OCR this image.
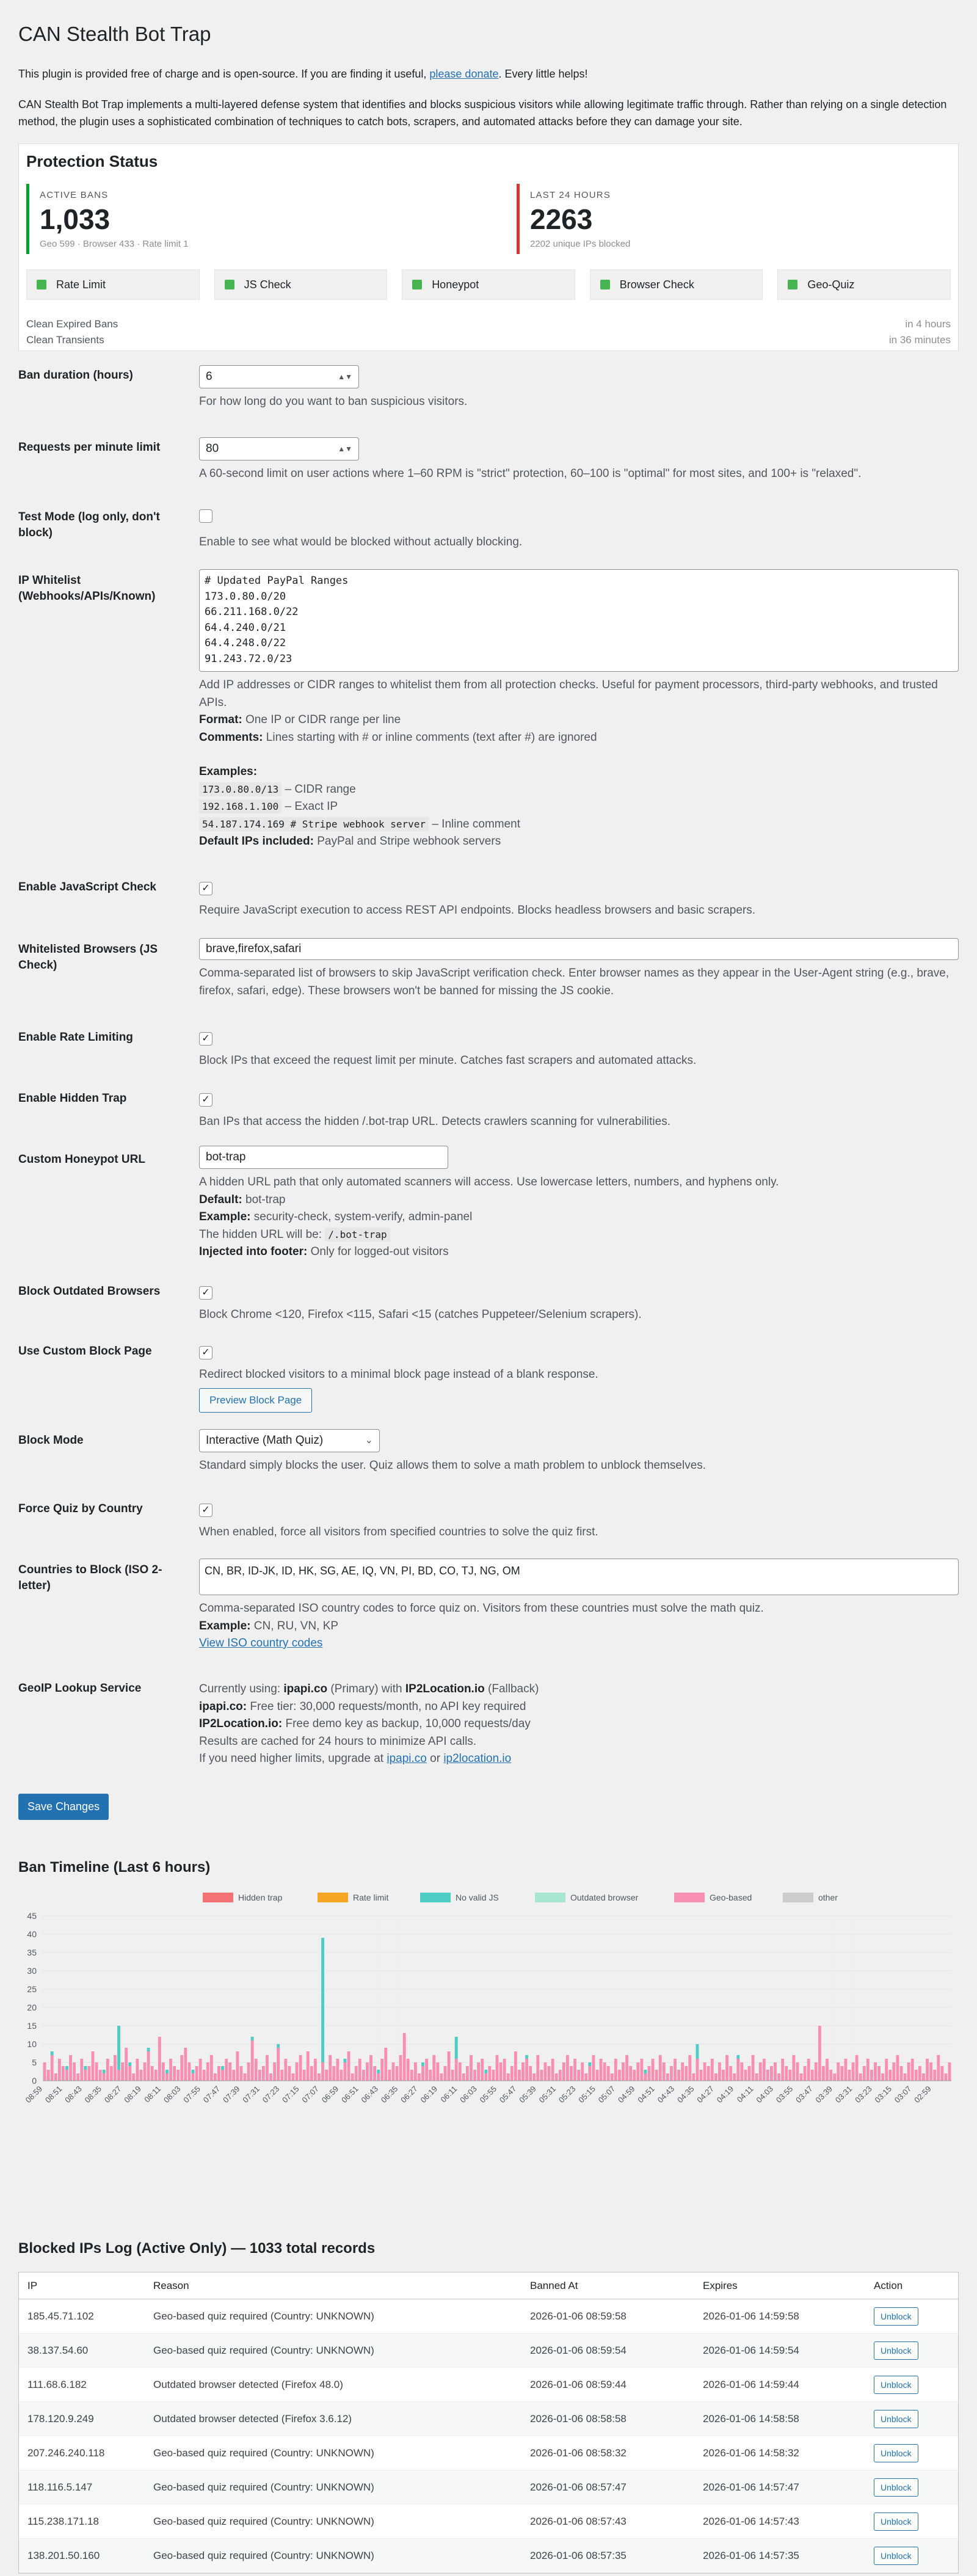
CAN Stealth Bot Trap

This plugin is provided free of charge and is open-source. If you are finding it useful, please donate. Every little helps!

CAN Stealth Bot Trap implements a multi-layered defense system that identifies and blocks suspicious visitors while allowing legitimate traffic through. Rather than relying on a single detection method, the plugin uses a sophisticated combination of techniques to catch bots, scrapers, and automated attacks before they can damage your site.

Protection Status
ACTIVE BANS
1,033
Geo 599 · Browser 433 · Rate limit 1
LAST 24 HOURS
2263
2202 unique IPs blocked
Rate Limit	JS Check	Honeypot	Browser Check	Geo-Quiz
Clean Expired Bans	in 4 hours
Clean Transients	in 36 minutes
Ban duration (hours)	6	▲▼
For how long do you want to ban suspicious visitors.
Requests per minute limit	80	▲▼
A 60-second limit on user actions where 1–60 RPM is "strict" protection, 60–100 is "optimal" for most sites, and 100+ is "relaxed".
Test Mode (log only, don't block)
Enable to see what would be blocked without actually blocking.
IP Whitelist (Webhooks/APIs/Known)
# Updated PayPal Ranges
173.0.80.0/20
66.211.168.0/22
64.4.240.0/21
64.4.248.0/22
91.243.72.0/23
Add IP addresses or CIDR ranges to whitelist them from all protection checks. Useful for payment processors, third-party webhooks, and trusted APIs.
Format: One IP or CIDR range per line
Comments: Lines starting with # or inline comments (text after #) are ignored
Examples:
173.0.80.0/13 – CIDR range
192.168.1.100 – Exact IP
54.187.174.169 # Stripe webhook server – Inline comment
Default IPs included: PayPal and Stripe webhook servers
Enable JavaScript Check	✓
Require JavaScript execution to access REST API endpoints. Blocks headless browsers and basic scrapers.
Whitelisted Browsers (JS Check)
brave,firefox,safari
Comma-separated list of browsers to skip JavaScript verification check. Enter browser names as they appear in the User-Agent string (e.g., brave, firefox, safari, edge). These browsers won't be banned for missing the JS cookie.
Enable Rate Limiting	✓
Block IPs that exceed the request limit per minute. Catches fast scrapers and automated attacks.
Enable Hidden Trap	✓
Ban IPs that access the hidden /.bot-trap URL. Detects crawlers scanning for vulnerabilities.
Custom Honeypot URL	bot-trap
A hidden URL path that only automated scanners will access. Use lowercase letters, numbers, and hyphens only.
Default: bot-trap
Example: security-check, system-verify, admin-panel
The hidden URL will be: /.bot-trap
Injected into footer: Only for logged-out visitors
Block Outdated Browsers	✓
Block Chrome <120, Firefox <115, Safari <15 (catches Puppeteer/Selenium scrapers).
Use Custom Block Page	✓
Redirect blocked visitors to a minimal block page instead of a blank response.
Preview Block Page
Block Mode	Interactive (Math Quiz)	⌄
Standard simply blocks the user. Quiz allows them to solve a math problem to unblock themselves.
Force Quiz by Country	✓
When enabled, force all visitors from specified countries to solve the quiz first.
Countries to Block (ISO 2-letter)
CN, BR, ID-JK, ID, HK, SG, AE, IQ, VN, PI, BD, CO, TJ, NG, OM
Comma-separated ISO country codes to force quiz on. Visitors from these countries must solve the math quiz.
Example: CN, RU, VN, KP
View ISO country codes
GeoIP Lookup Service	Currently using: ipapi.co (Primary) with IP2Location.io (Fallback)
ipapi.co: Free tier: 30,000 requests/month, no API key required
IP2Location.io: Free demo key as backup, 10,000 requests/day
Results are cached for 24 hours to minimize API calls.
If you need higher limits, upgrade at ipapi.co or ip2location.io
Save Changes
Ban Timeline (Last 6 hours)
Hidden trap	Rate limit	No valid JS	Outdated browser	Geo-based	other
0
5
10
15
20
25
30
35
40
45
08:59
08:51
08:43
08:35
08:27
08:19 08:11
08:03
07:55
07:47
07:39
07:31
07:23
07:15
07:07
06:59
06:51
06:43
06:35
06:27
06:19 06:11
06:03
05:55
05:47
05:39
05:31
05:23
05:15
05:07
04:59
04:51
04:43
04:35
04:27
04:19 04:11
04:03
03:55
03:47
03:39
03:31
03:23
03:15
03:07
02:59
Blocked IPs Log (Active Only) — 1033 total records
IP	Reason	Banned At	Expires	Action
185.45.71.102	Geo-based quiz required (Country: UNKNOWN)	2026-01-06 08:59:58	2026-01-06 14:59:58	Unblock
38.137.54.60	Geo-based quiz required (Country: UNKNOWN)	2026-01-06 08:59:54	2026-01-06 14:59:54	Unblock
111.68.6.182	Outdated browser detected (Firefox 48.0)	2026-01-06 08:59:44	2026-01-06 14:59:44	Unblock
178.120.9.249	Outdated browser detected (Firefox 3.6.12)	2026-01-06 08:58:58	2026-01-06 14:58:58	Unblock
207.246.240.118	Geo-based quiz required (Country: UNKNOWN)	2026-01-06 08:58:32	2026-01-06 14:58:32	Unblock
118.116.5.147	Geo-based quiz required (Country: UNKNOWN)	2026-01-06 08:57:47	2026-01-06 14:57:47	Unblock
115.238.171.18	Geo-based quiz required (Country: UNKNOWN)	2026-01-06 08:57:43	2026-01-06 14:57:43	Unblock
138.201.50.160	Geo-based quiz required (Country: UNKNOWN)	2026-01-06 08:57:35	2026-01-06 14:57:35	Unblock
